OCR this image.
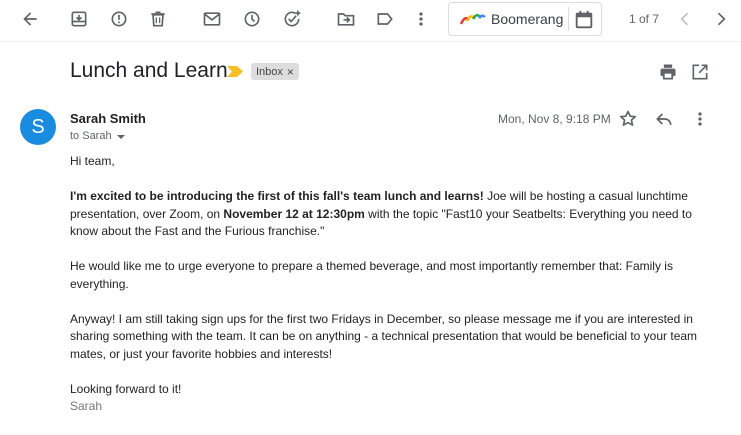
Boomerang	1 of 7
Lunch and Learn	Inbox ×
S	Sarah Smith
to Sarah
Mon, Nov 8, 9:18 PM

Hi team,

I'm excited to be introducing the first of this fall's team lunch and learns! Joe will be hosting a casual lunchtime presentation, over Zoom, on November 12 at 12:30pm with the topic "Fast10 your Seatbelts: Everything you need to know about the Fast and the Furious franchise."

He would like me to urge everyone to prepare a themed beverage, and most importantly remember that: Family is everything.

Anyway! I am still taking sign ups for the first two Fridays in December, so please message me if you are interested in sharing something with the team. It can be on anything - a technical presentation that would be beneficial to your team mates, or just your favorite hobbies and interests!

Looking forward to it!
Sarah
